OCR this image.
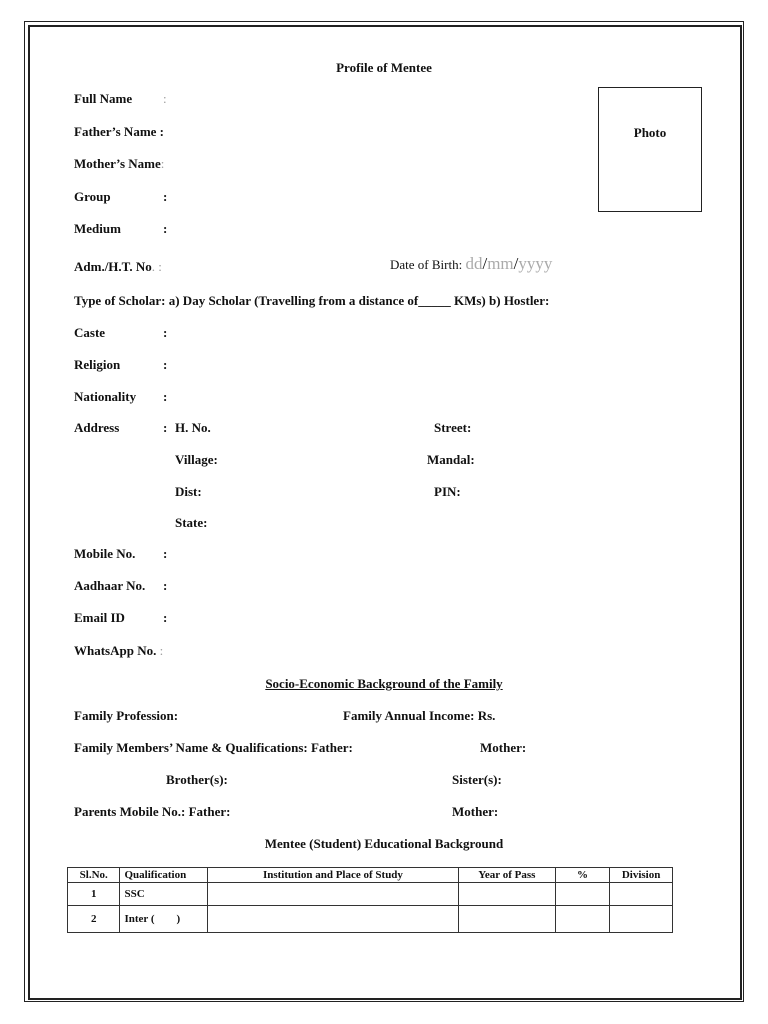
Profile of Mentee
Photo
Full Name :
Father’s Name :
Mother’s Name:
Group	:
Medium	:
Adm./H.T. No. :	Date of Birth: dd/mm/yyyy
Type of Scholar: a) Day Scholar (Travelling from a distance of_____ KMs) b) Hostler:
Caste	:
Religion	:
Nationality :
Address	: H. No.	Street:
Village:	Mandal:
Dist:	PIN:
State:
Mobile No. :
Aadhaar No. :
Email ID	:
WhatsApp No. :
Socio-Economic Background of the Family
Family Profession:	Family Annual Income: Rs.
Family Members’ Name & Qualifications: Father:	Mother:
Brother(s):	Sister(s):
Parents Mobile No.: Father:	Mother:
Mentee (Student) Educational Background
Sl.No.	Qualification	Institution and Place of Study	Year of Pass	%	Division
1	SSC				
2	Inter (        )				
